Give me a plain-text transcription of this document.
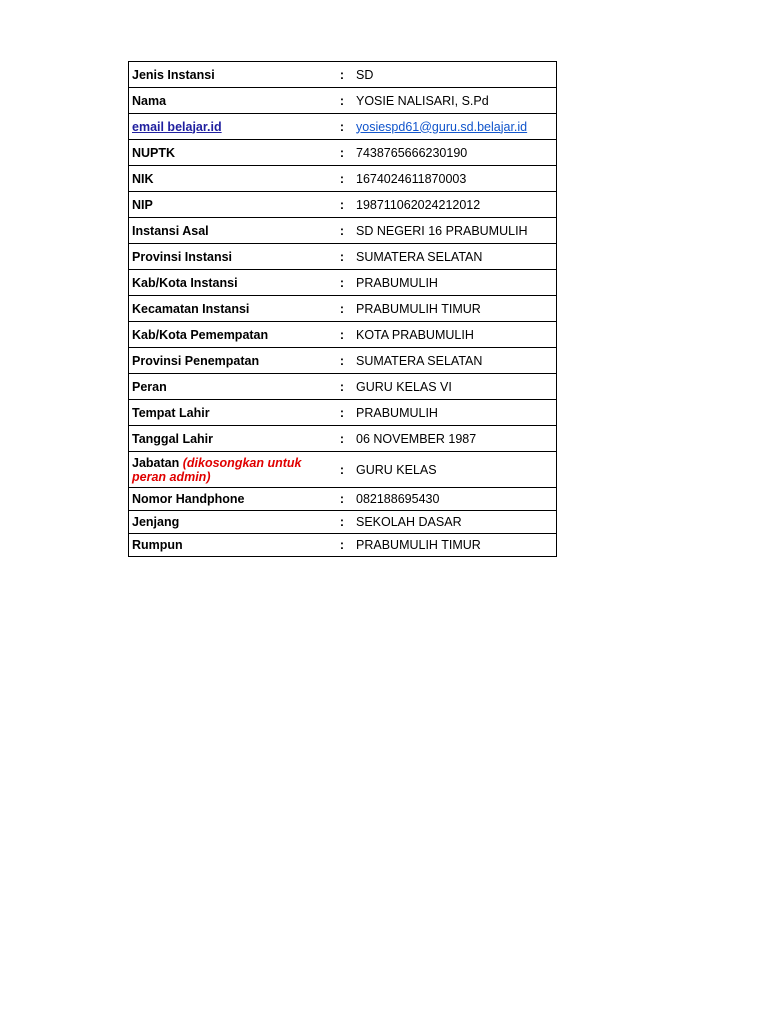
Jenis Instansi	:	SD
Nama	:	YOSIE NALISARI, S.Pd
email belajar.id	:	yosiespd61@guru.sd.belajar.id
NUPTK	:	7438765666230190
NIK	:	1674024611870003
NIP	:	198711062024212012
Instansi Asal	:	SD NEGERI 16 PRABUMULIH
Provinsi Instansi	:	SUMATERA SELATAN
Kab/Kota Instansi	:	PRABUMULIH
Kecamatan Instansi	:	PRABUMULIH TIMUR
Kab/Kota Pemempatan	:	KOTA PRABUMULIH
Provinsi Penempatan	:	SUMATERA SELATAN
Peran	:	GURU KELAS VI
Tempat Lahir	:	PRABUMULIH
Tanggal Lahir	:	06 NOVEMBER 1987
Jabatan (dikosongkan untuk peran admin)	:	GURU KELAS
Nomor Handphone	:	082188695430
Jenjang	:	SEKOLAH DASAR
Rumpun	:	PRABUMULIH TIMUR
